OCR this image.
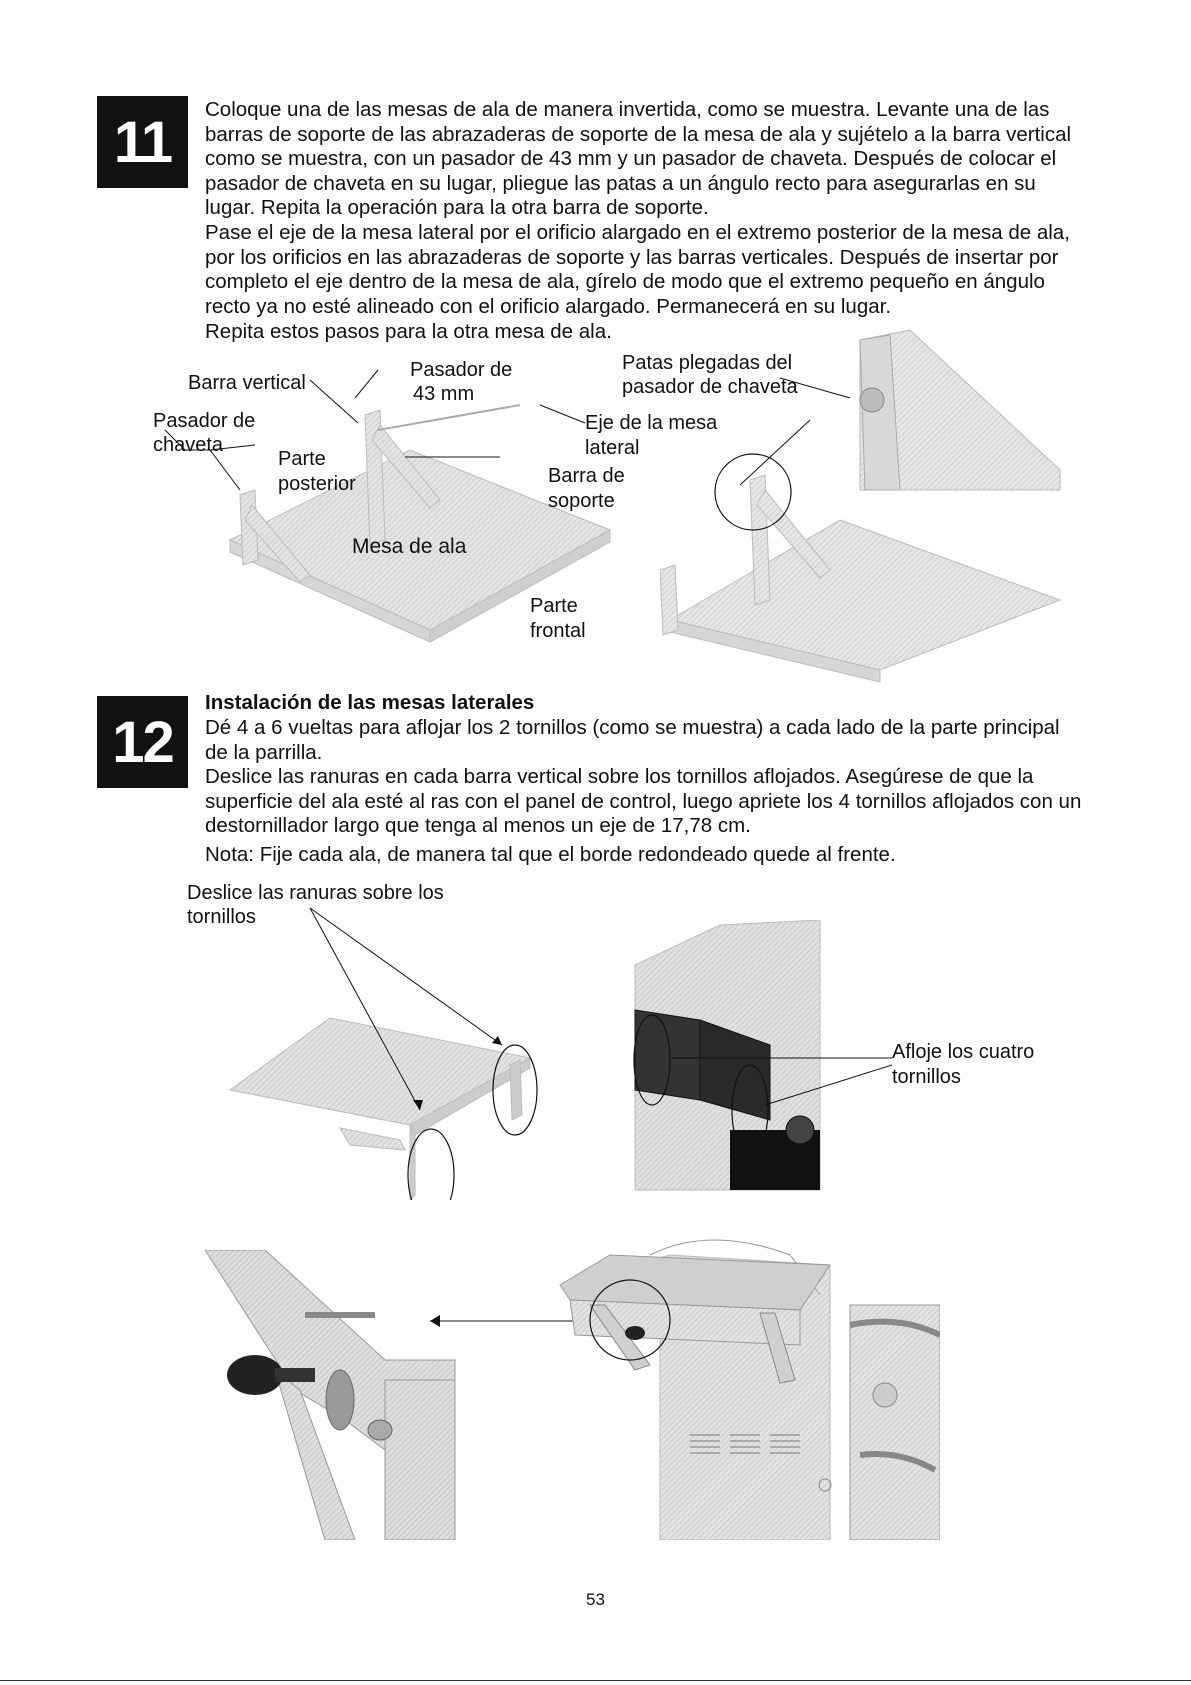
11	Coloque una de las mesas de ala de manera invertida, como se muestra. Levante una de las barras de soporte de las abrazaderas de soporte de la mesa de ala y sujételo a la barra vertical como se muestra, con un pasador de 43 mm y un pasador de chaveta. Después de colocar el pasador de chaveta en su lugar, pliegue las patas a un ángulo recto para asegurarlas en su lugar. Repita la operación para la otra barra de soporte.

Pase el eje de la mesa lateral por el orificio alargado en el extremo posterior de la mesa de ala, por los orificios en las abrazaderas de soporte y las barras verticales. Después de insertar por completo el eje dentro de la mesa de ala, gírelo de modo que el extremo pequeño en ángulo recto ya no esté alineado con el orificio alargado. Permanecerá en su lugar.

Repita estos pasos para la otra mesa de ala.

Barra vertical
Pasador de
43 mm
Patas plegadas del
pasador de chaveta
Pasador de
chaveta
Parte
posterior
Eje de la mesa
lateral
Barra de
soporte
Mesa de ala
Parte
frontal
12

Instalación de las mesas laterales

Dé 4 a 6 vueltas para aflojar los 2 tornillos (como se muestra) a cada lado de la parte principal de la parrilla.

Deslice las ranuras en cada barra vertical sobre los tornillos aflojados. Asegúrese de que la superficie del ala esté al ras con el panel de control, luego apriete los 4 tornillos aflojados con un destornillador largo que tenga al menos un eje de 17,78 cm.

Nota: Fije cada ala, de manera tal que el borde redondeado quede al frente.

Deslice las ranuras sobre los
tornillos
Afloje los cuatro
tornillos
53
